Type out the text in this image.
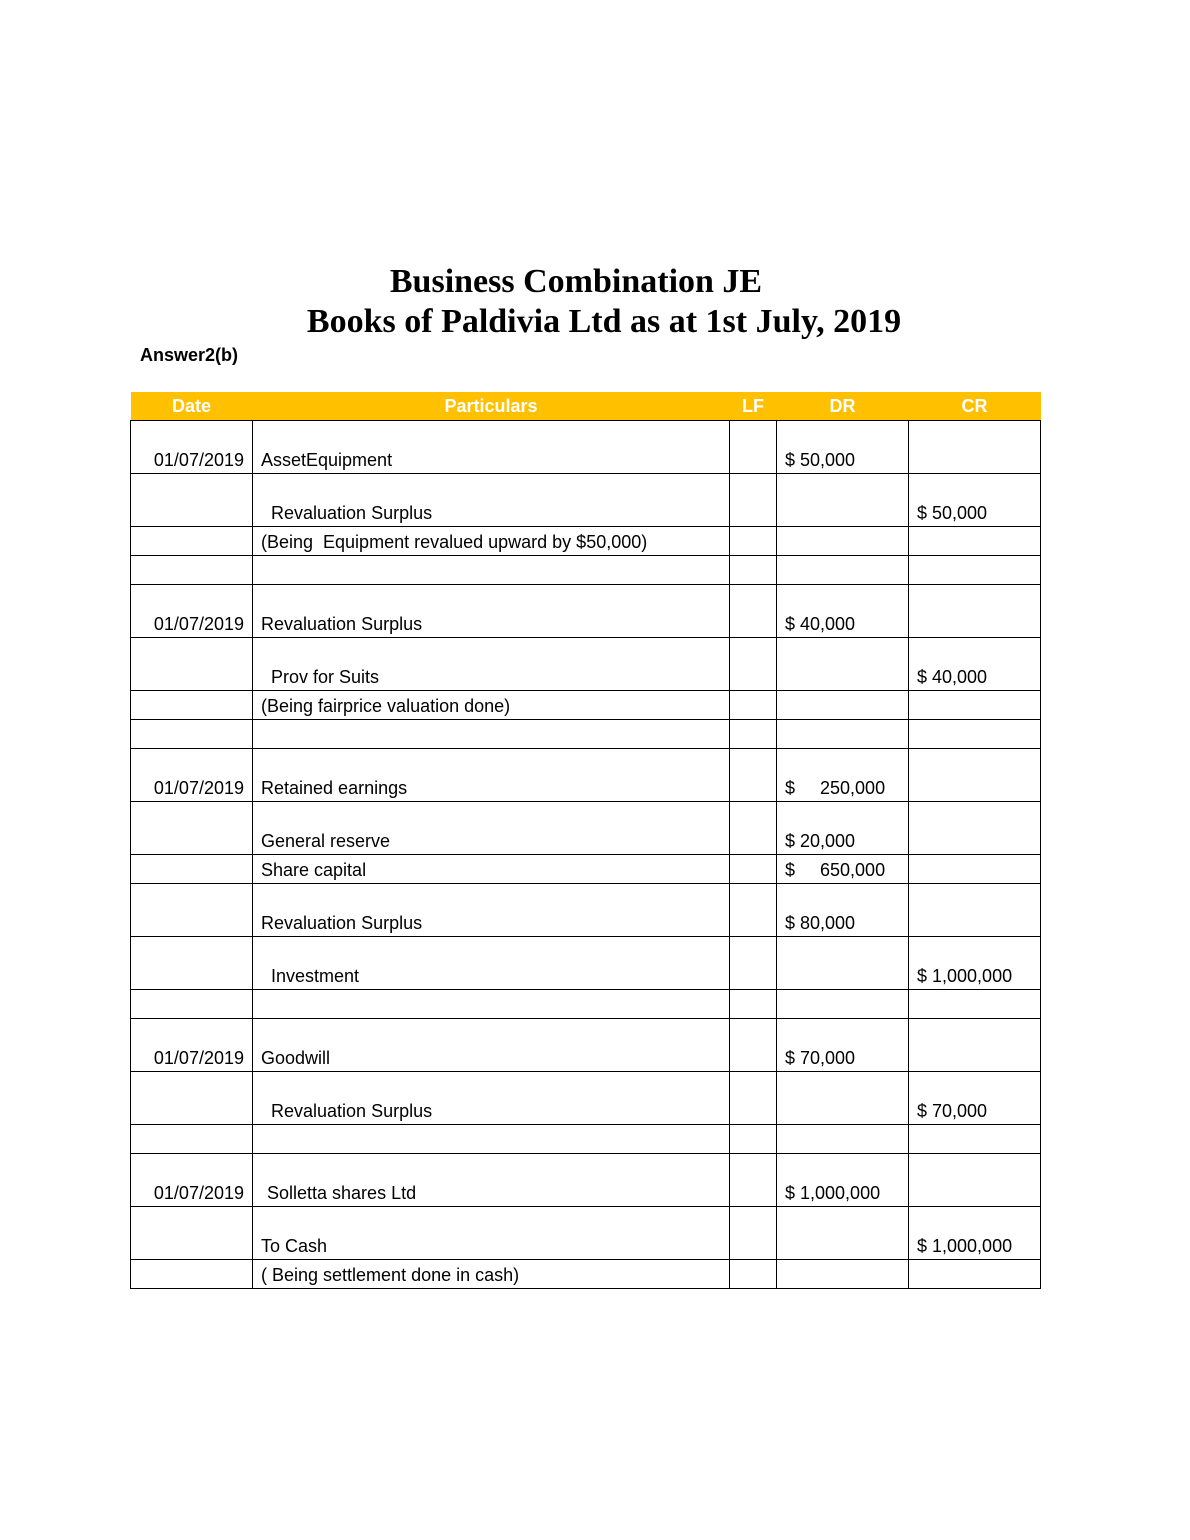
Business Combination JE
Books of Paldivia Ltd as at 1st July, 2019
Answer2(b)
Date	Particulars	LF	DR	CR
01/07/2019	AssetEquipment		$ 50,000	
	Revaluation Surplus			$ 50,000
	(Being  Equipment revalued upward by $50,000)			

01/07/2019	Revaluation Surplus		$ 40,000	
	Prov for Suits			$ 40,000
	(Being fairprice valuation done)			

01/07/2019	Retained earnings		$     250,000	
	General reserve		$ 20,000	
	Share capital		$     650,000	
	Revaluation Surplus		$ 80,000	
	Investment			$ 1,000,000

01/07/2019	Goodwill		$ 70,000	
	Revaluation Surplus			$ 70,000

01/07/2019	Solletta shares Ltd		$ 1,000,000	
	To Cash			$ 1,000,000
	( Being settlement done in cash)			
